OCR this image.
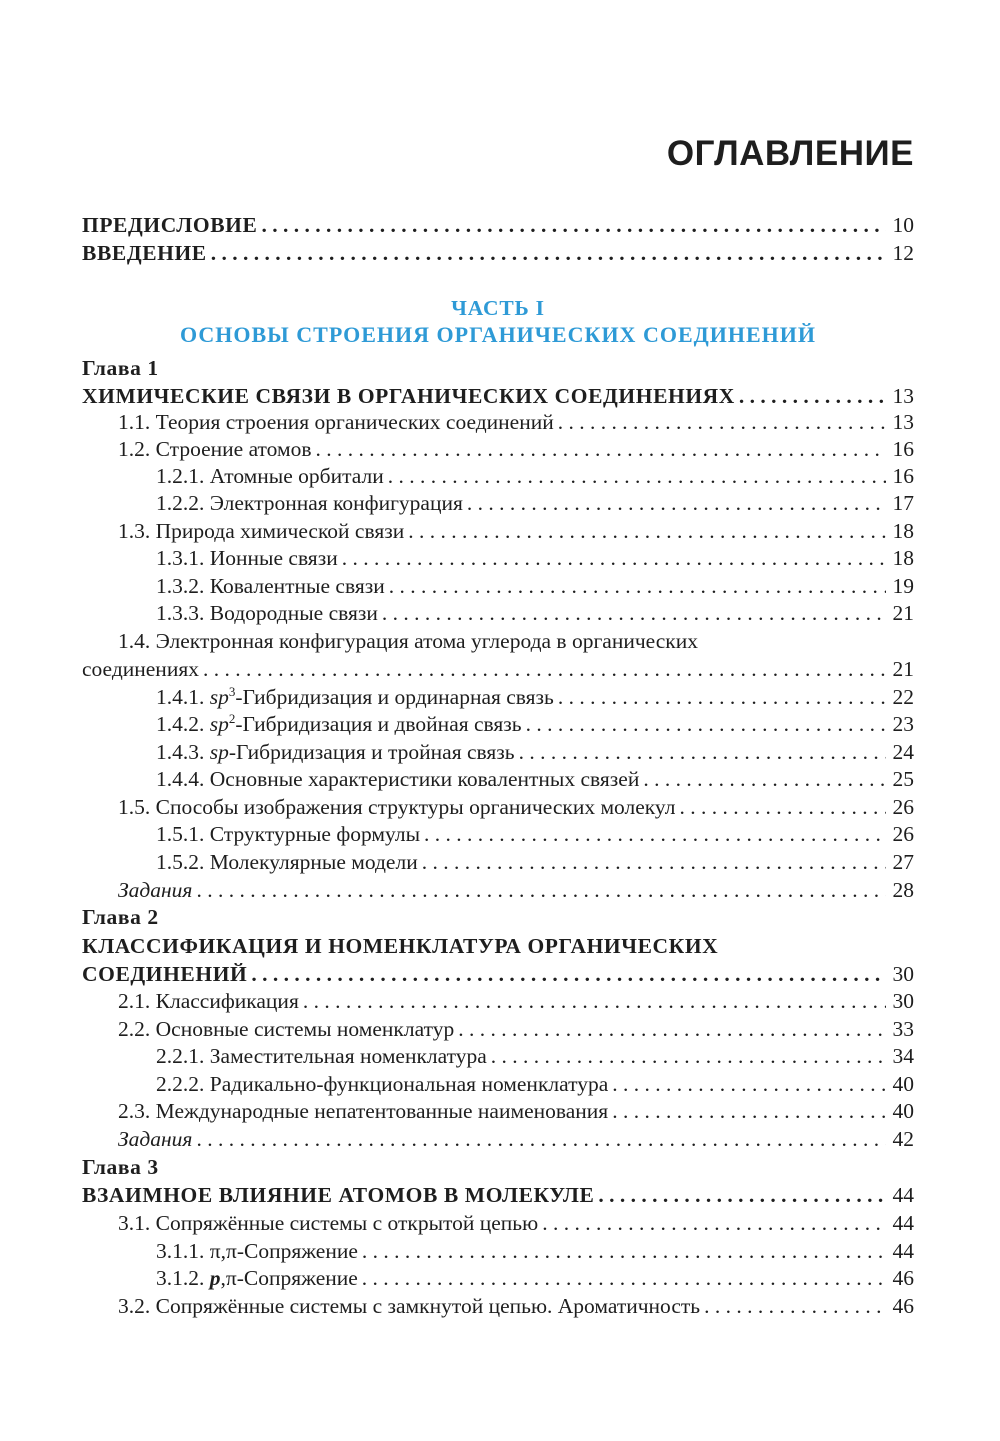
ОГЛАВЛЕНИЕ
ПРЕДИСЛОВИЕ . . .	10
ВВЕДЕНИЕ . . .	12
ЧАСТЬ I
ОСНОВЫ СТРОЕНИЯ ОРГАНИЧЕСКИХ СОЕДИНЕНИЙ
Глава 1
ХИМИЧЕСКИЕ СВЯЗИ В ОРГАНИЧЕСКИХ СОЕДИНЕНИЯХ . . .	13
1.1. Теория строения органических соединений . . .	13
1.2. Строение атомов . . .	16
1.2.1. Атомные орбитали . . .	16
1.2.2. Электронная конфигурация . . .	17
1.3. Природа химической связи . . .	18
1.3.1. Ионные связи . . .	18
1.3.2. Ковалентные связи . . .	19
1.3.3. Водородные связи . . .	21
1.4. Электронная конфигурация атома углерода в органических
соединениях . . .	21
1.4.1. $sp^3$-Гибридизация и ординарная связь . . .	22
1.4.2. $sp^2$-Гибридизация и двойная связь . . .	23
1.4.3. sp-Гибридизация и тройная связь . . .	24
1.4.4. Основные характеристики ковалентных связей . . .	25
1.5. Способы изображения структуры органических молекул . . .	26
1.5.1. Структурные формулы . . .	26
1.5.2. Молекулярные модели . . .	27
Задания . . .	28
Глава 2
КЛАССИФИКАЦИЯ И НОМЕНКЛАТУРА ОРГАНИЧЕСКИХ
СОЕДИНЕНИЙ . . .	30
2.1. Классификация . . .	30
2.2. Основные системы номенклатур . . .	33
2.2.1. Заместительная номенклатура . . .	34
2.2.2. Радикально-функциональная номенклатура . . .	40
2.3. Международные непатентованные наименования . . .	40
Задания . . .	42
Глава 3
ВЗАИМНОЕ ВЛИЯНИЕ АТОМОВ В МОЛЕКУЛЕ . . .	44
3.1. Сопряжённые системы с открытой цепью . . .	44
3.1.1. π,π-Сопряжение . . .	44
3.1.2. p,π-Сопряжение . . .	46
3.2. Сопряжённые системы с замкнутой цепью. Ароматичность . . .	46
